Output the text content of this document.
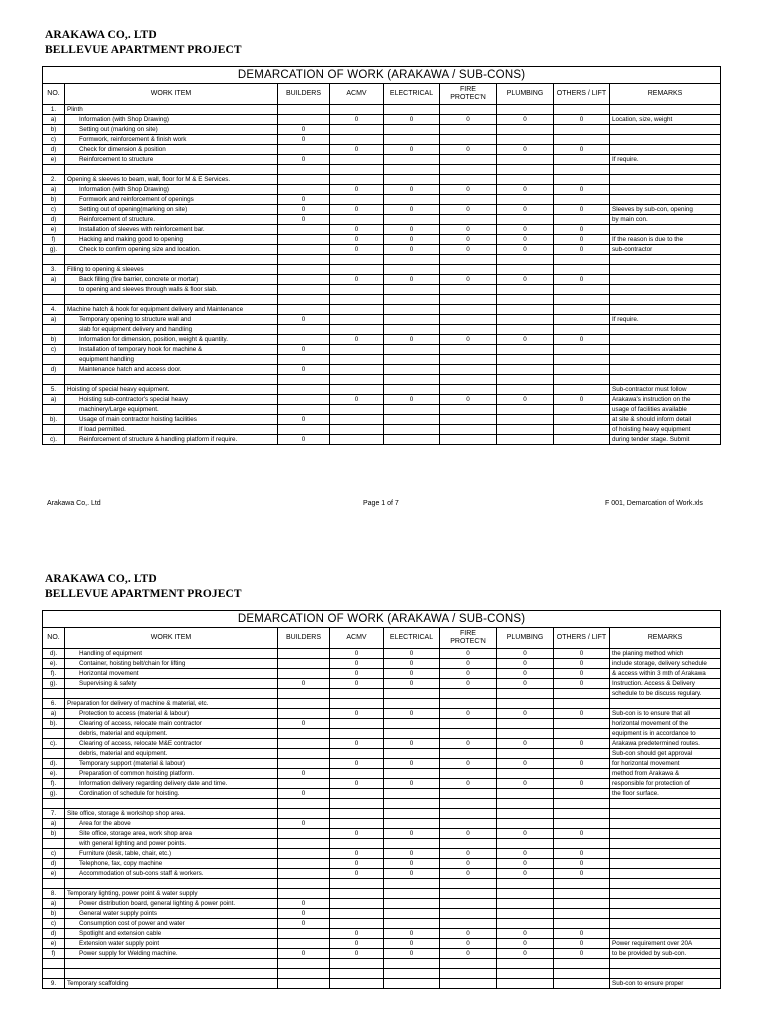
ARAKAWA CO,. LTD
BELLEVUE APARTMENT PROJECT
DEMARCATION OF WORK (ARAKAWA / SUB-CONS)								
NO.	WORK ITEM	BUILDERS	ACMV	ELECTRICAL	FIRE PROTEC'N	PLUMBING	OTHERS / LIFT	REMARKS
1.	Plinth							
a)	Information (with Shop Drawing)		0	0	0	0	0	Location, size, weight
b)	Setting out (marking on site)	0						
c)	Formwork, reinforcement & finish work	0						
d)	Check for dimension & position		0	0	0	0	0	
e)	Reinforcement to structure	0						If require.

2.	Opening & sleeves to beam, wall, floor for M & E Services.							
a)	Information (with Shop Drawing)		0	0	0	0	0	
b)	Formwork and reinforcement of openings	0						
c)	Setting out of opening(marking on site)	0	0	0	0	0	0	Sleeves by sub-con, opening
d)	Reinforcement of structure.	0						by main con.
e)	Installation of sleeves with reinforcement bar.		0	0	0	0	0	
f)	Hacking and making good to opening		0	0	0	0	0	If the reason is due to the
g).	Check to confirm opening size and location.		0	0	0	0	0	sub-contractor

3.	Filling to opening & sleeves							
a)	Back filling (fire barrier, concrete or mortar)		0	0	0	0	0	
	to opening and sleeves through walls & floor slab.							

4.	Machine hatch & hook for equipment delivery and Maintenance							
a)	Temporary opening to structure wall and	0						If require.
	slab for equipment delivery and handling							
b)	Information for dimension, position, weight & quantity.		0	0	0	0	0	
c)	Installation of temporary hook for machine &	0						
	equipment handling							
d)	Maintenance hatch and access door.	0						

5.	Hoisting of special heavy equipment.							Sub-contractor must follow
a)	Hoisting sub-contractor's special heavy		0	0	0	0	0	Arakawa's instruction on the
	machinery/Large equipment.							usage of facilities available
b).	Usage of main contractor hoisting facilities	0						at site & should inform detail
	If load permitted.							of hoisting heavy equipment
c).	Reinforcement of structure & handling platform if require.	0						during tender stage. Submit
Arakawa Co,. Ltd	Page 1 of 7	F 001, Demarcation of Work.xls
ARAKAWA CO,. LTD
BELLEVUE APARTMENT PROJECT
DEMARCATION OF WORK (ARAKAWA / SUB-CONS)								
NO.	WORK ITEM	BUILDERS	ACMV	ELECTRICAL	FIRE PROTEC'N	PLUMBING	OTHERS / LIFT	REMARKS
d).	Handling of equipment		0	0	0	0	0	the planing method which
e).	Container, hoisting belt/chain for lifting		0	0	0	0	0	include storage, delivery schedule
f).	Horizontal movement		0	0	0	0	0	& access within 3 mth of Arakawa
g).	Supervising & safety	0	0	0	0	0	0	Instruction. Access & Delivery
								schedule to be discuss regulary.
6.	Preparation for delivery of machine & material, etc.							
a)	Protection to access (material & labour)		0	0	0	0	0	Sub-con is to ensure that all
b).	Clearing of access, relocate main contractor	0						horizontal movement of the
	debris, material and equipment.							equipment is in accordance to
c).	Clearing of access, relocate M&E contractor		0	0	0	0	0	Arakawa predetermined routes.
	debris, material and equipment.							Sub-con should get approval
d).	Temporary support (material & labour)		0	0	0	0	0	for horizontal movement
e).	Preparation of common hoisting platform.	0						method from Arakawa &
f).	Information delivery regarding delivery date and time.		0	0	0	0	0	responsible for protection of
g).	Cordination of schedule for hoisting.	0						the floor surface.

7.	Site office, storage & workshop shop area.							
a)	Area for the above	0						
b)	Site office, storage area, work shop area		0	0	0	0	0	
	with general lighting and power points.							
c)	Furniture (desk, table, chair, etc.)		0	0	0	0	0	
d)	Telephone, fax, copy machine		0	0	0	0	0	
e)	Accommodation of sub-cons staff & workers.		0	0	0	0	0	

8.	Temporary lighting, power point & water supply							
a)	Power distribution board, general lighting & power point.	0						
b)	General water supply points	0						
c)	Consumption cost of power and water	0						
d)	Spotlight and extension cable		0	0	0	0	0	
e)	Extension water supply point		0	0	0	0	0	Power requirement over 20A
f)	Power supply for Welding machine.	0	0	0	0	0	0	to be provided by sub-con.

9.	Temporary scaffolding							Sub-con to ensure proper
